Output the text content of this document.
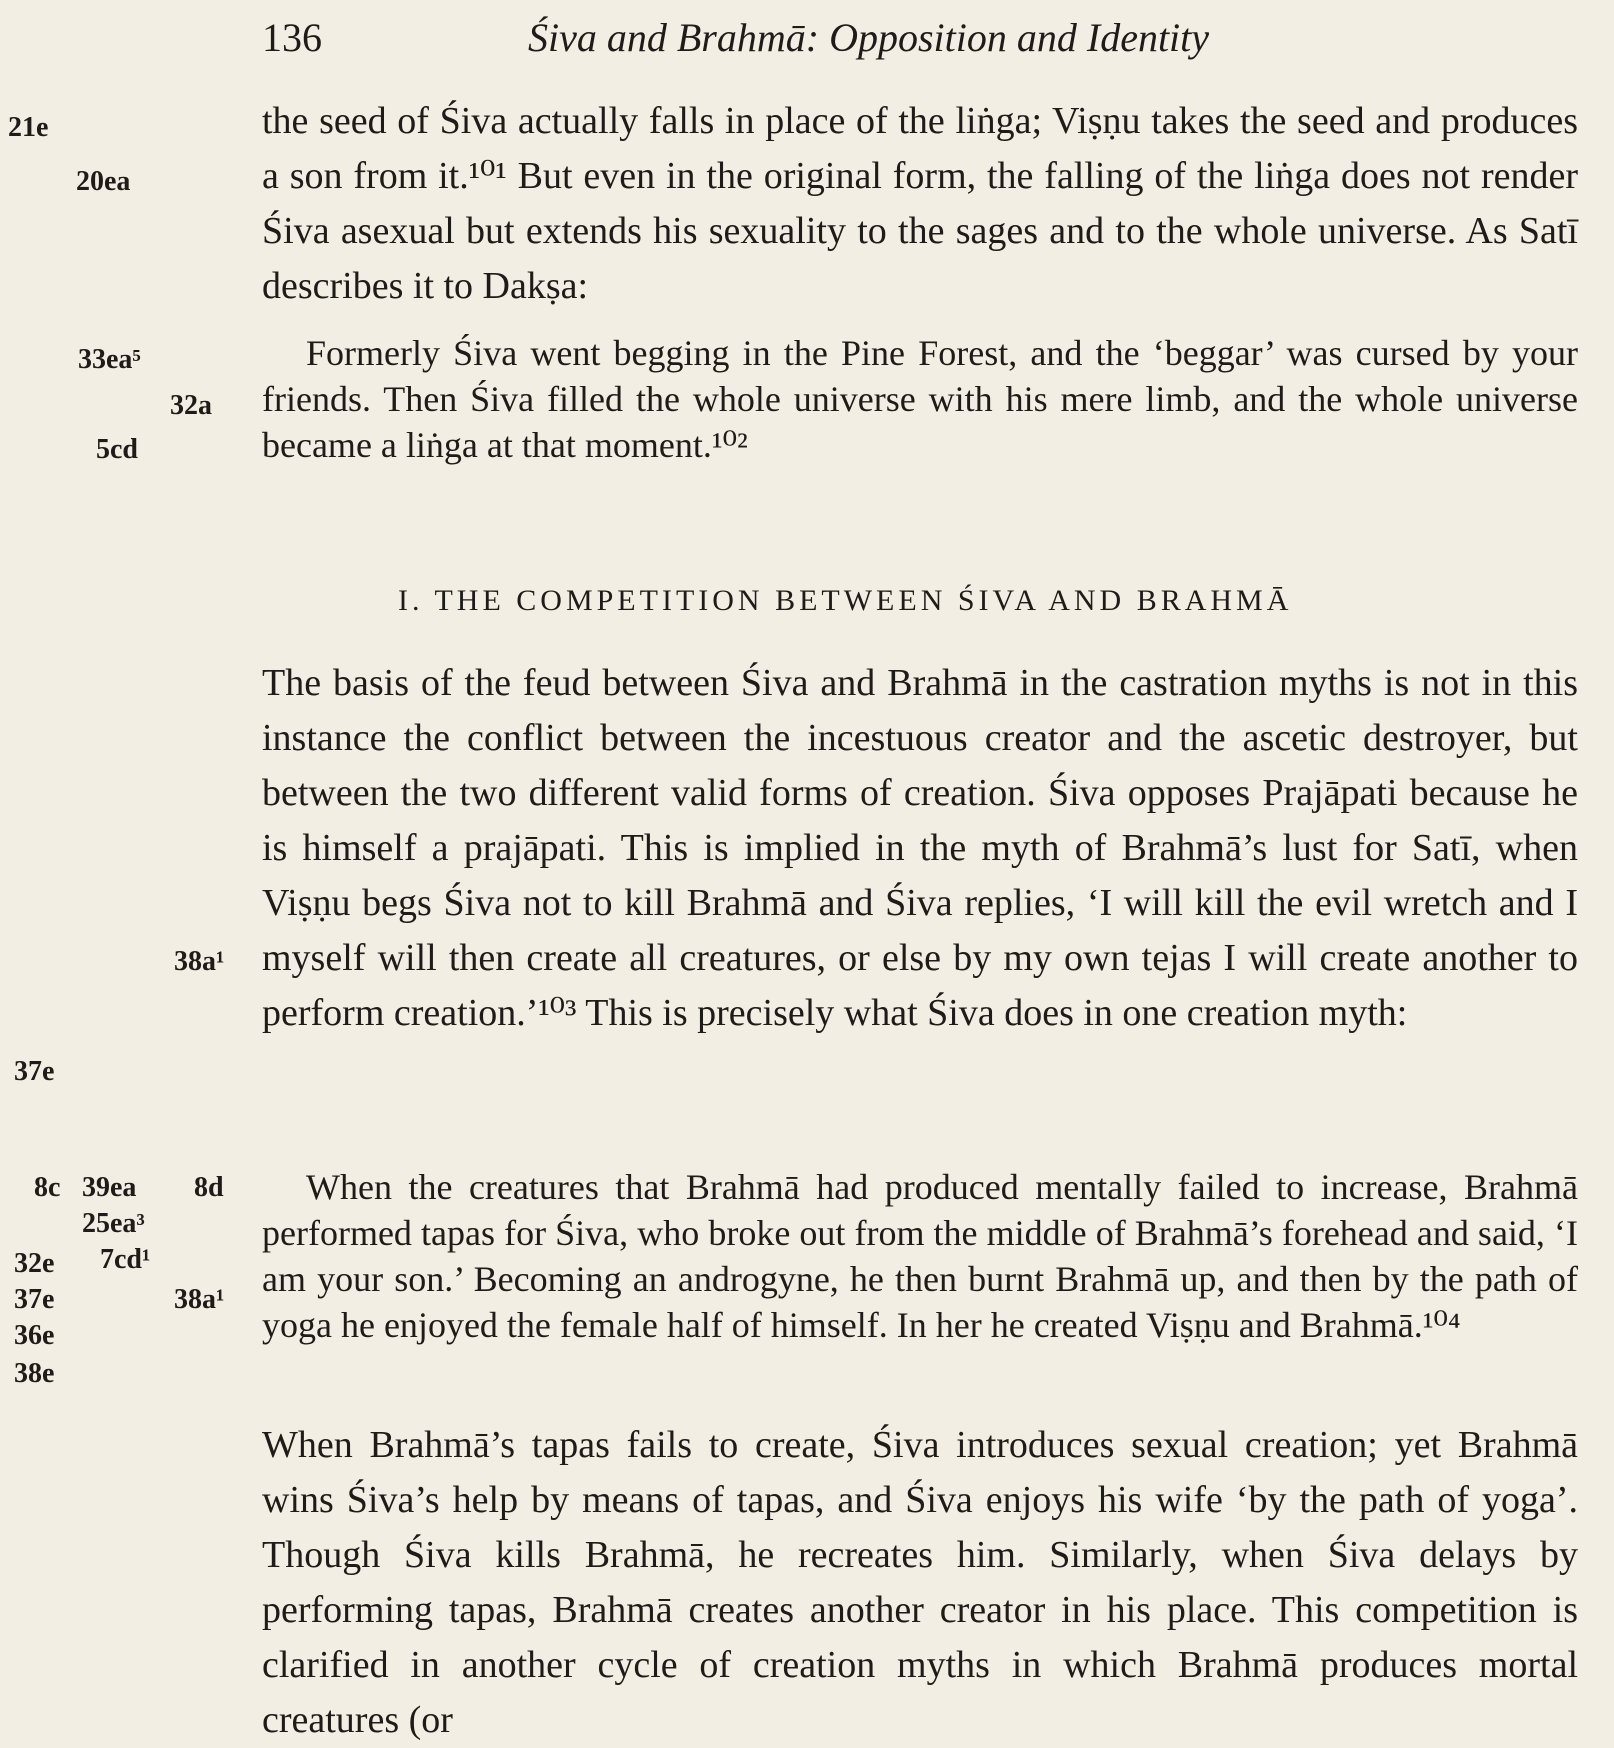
136	Śiva and Brahmā: Opposition and Identity

the seed of Śiva actually falls in place of the liṅga; Viṣṇu takes the seed and produces a son from it.¹⁰¹ But even in the original form, the falling of the liṅga does not render Śiva asexual but extends his sexuality to the sages and to the whole universe. As Satī describes it to Dakṣa:

Formerly Śiva went begging in the Pine Forest, and the ‘beggar’ was cursed by your friends. Then Śiva filled the whole universe with his mere limb, and the whole universe became a liṅga at that moment.¹⁰²

I. THE COMPETITION BETWEEN ŚIVA AND BRAHMĀ

The basis of the feud between Śiva and Brahmā in the castration myths is not in this instance the conflict between the incestuous creator and the ascetic destroyer, but between the two different valid forms of creation. Śiva opposes Prajāpati because he is himself a prajāpati. This is implied in the myth of Brahmā’s lust for Satī, when Viṣṇu begs Śiva not to kill Brahmā and Śiva replies, ‘I will kill the evil wretch and I myself will then create all creatures, or else by my own tejas I will create another to perform creation.’¹⁰³ This is precisely what Śiva does in one creation myth:

When the creatures that Brahmā had produced mentally failed to increase, Brahmā performed tapas for Śiva, who broke out from the middle of Brahmā’s forehead and said, ‘I am your son.’ Becoming an androgyne, he then burnt Brahmā up, and then by the path of yoga he enjoyed the female half of himself. In her he created Viṣṇu and Brahmā.¹⁰⁴

When Brahmā’s tapas fails to create, Śiva introduces sexual creation; yet Brahmā wins Śiva’s help by means of tapas, and Śiva enjoys his wife ‘by the path of yoga’. Though Śiva kills Brahmā, he recreates him. Similarly, when Śiva delays by performing tapas, Brahmā creates another creator in his place. This competition is clarified in another cycle of creation myths in which Brahmā produces mortal creatures (or

21e
20ea
33ea⁵
32a
5cd
38a¹
37e
8c 39ea 8d
25ea³
32e 7cd¹
37e	38a¹
36e
38e
